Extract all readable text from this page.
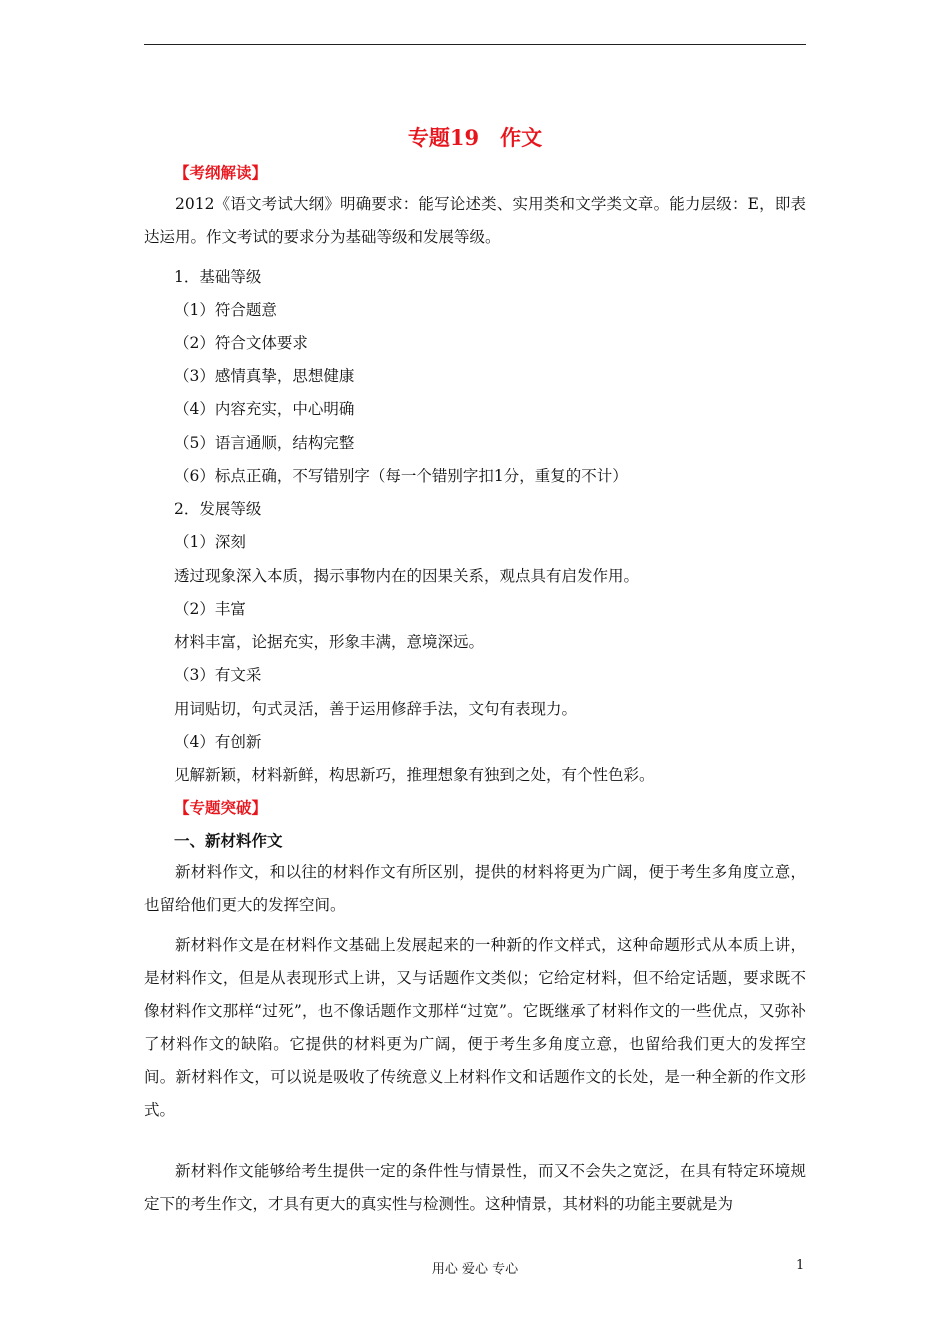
专题19　作文
【考纲解读】
2012《语文考试大纲》明确要求：能写论述类、实用类和文学类文章。能力层级：E，即表达运用。作文考试的要求分为基础等级和发展等级。
1．基础等级
（1）符合题意
（2）符合文体要求
（3）感情真挚，思想健康
（4）内容充实，中心明确
（5）语言通顺，结构完整
（6）标点正确，不写错别字（每一个错别字扣1分，重复的不计）
2．发展等级
（1）深刻
透过现象深入本质，揭示事物内在的因果关系，观点具有启发作用。
（2）丰富
材料丰富，论据充实，形象丰满，意境深远。
（3）有文采
用词贴切，句式灵活，善于运用修辞手法，文句有表现力。
（4）有创新
见解新颖，材料新鲜，构思新巧，推理想象有独到之处，有个性色彩。
【专题突破】
一、新材料作文
新材料作文，和以往的材料作文有所区别，提供的材料将更为广阔，便于考生多角度立意，也留给他们更大的发挥空间。
新材料作文是在材料作文基础上发展起来的一种新的作文样式，这种命题形式从本质上讲，是材料作文，但是从表现形式上讲，又与话题作文类似；它给定材料，但不给定话题，要求既不像材料作文那样“过死”，也不像话题作文那样“过宽”。它既继承了材料作文的一些优点，又弥补了材料作文的缺陷。它提供的材料更为广阔，便于考生多角度立意，也留给我们更大的发挥空间。新材料作文，可以说是吸收了传统意义上材料作文和话题作文的长处，是一种全新的作文形式。
新材料作文能够给考生提供一定的条件性与情景性，而又不会失之宽泛，在具有特定环境规定下的考生作文，才具有更大的真实性与检测性。这种情景，其材料的功能主要就是为
用心 爱心 专心	1
